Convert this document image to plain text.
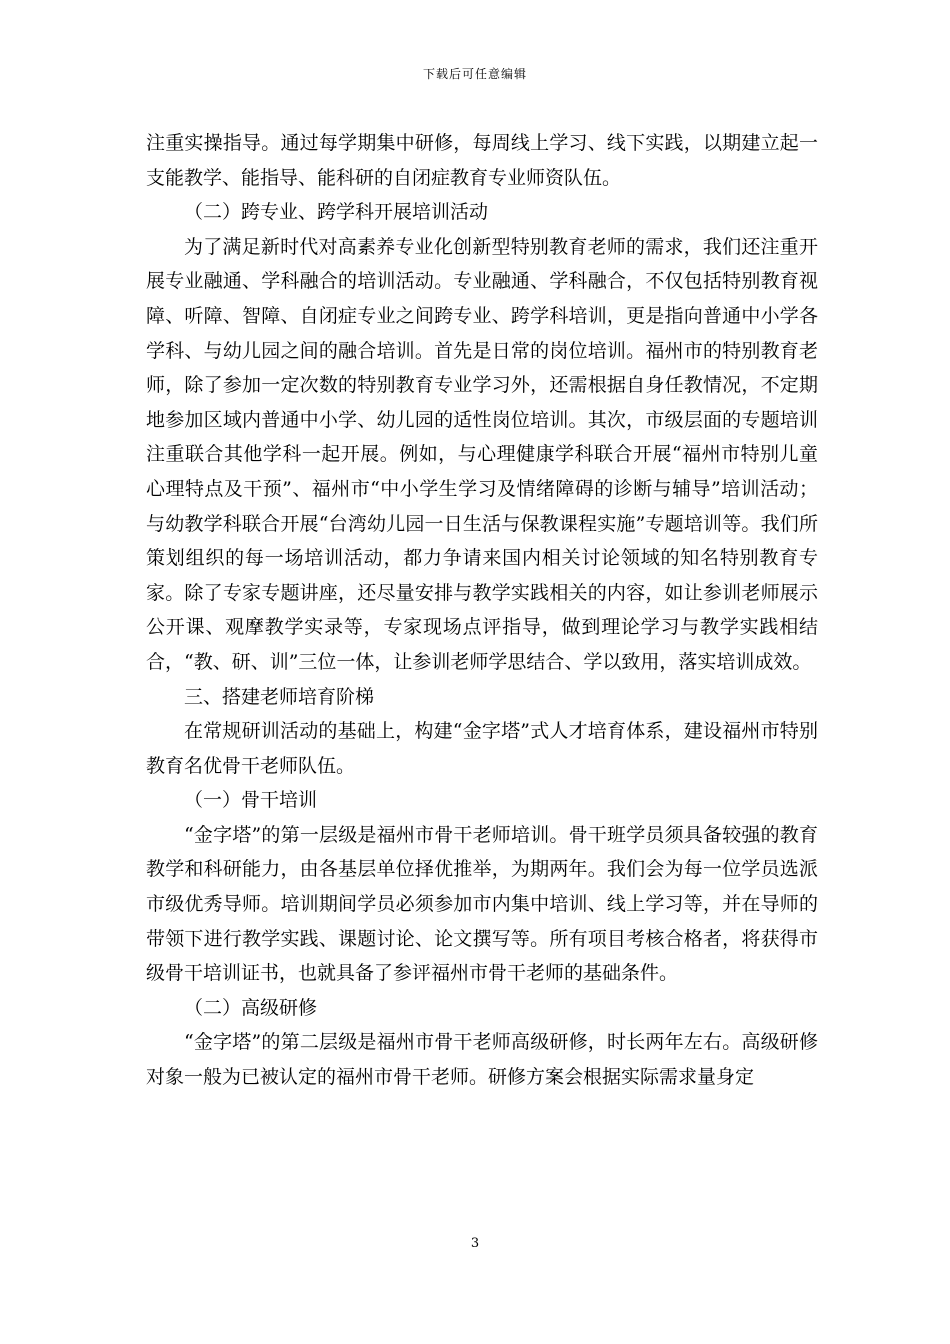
下载后可任意编辑

注重实操指导。通过每学期集中研修，每周线上学习、线下实践，以期建立起一支能教学、能指导、能科研的自闭症教育专业师资队伍。

（二）跨专业、跨学科开展培训活动

为了满足新时代对高素养专业化创新型特别教育老师的需求，我们还注重开展专业融通、学科融合的培训活动。专业融通、学科融合，不仅包括特别教育视障、听障、智障、自闭症专业之间跨专业、跨学科培训，更是指向普通中小学各学科、与幼儿园之间的融合培训。首先是日常的岗位培训。福州市的特别教育老师，除了参加一定次数的特别教育专业学习外，还需根据自身任教情况，不定期地参加区域内普通中小学、幼儿园的适性岗位培训。其次，市级层面的专题培训注重联合其他学科一起开展。例如，与心理健康学科联合开展“福州市特别儿童心理特点及干预”、福州市“中小学生学习及情绪障碍的诊断与辅导”培训活动；与幼教学科联合开展“台湾幼儿园一日生活与保教课程实施”专题培训等。我们所策划组织的每一场培训活动，都力争请来国内相关讨论领域的知名特别教育专家。除了专家专题讲座，还尽量安排与教学实践相关的内容，如让参训老师展示公开课、观摩教学实录等，专家现场点评指导，做到理论学习与教学实践相结合，“教、研、训”三位一体，让参训老师学思结合、学以致用，落实培训成效。

三、搭建老师培育阶梯

在常规研训活动的基础上，构建“金字塔”式人才培育体系，建设福州市特别教育名优骨干老师队伍。

（一）骨干培训

“金字塔”的第一层级是福州市骨干老师培训。骨干班学员须具备较强的教育教学和科研能力，由各基层单位择优推举，为期两年。我们会为每一位学员选派市级优秀导师。培训期间学员必须参加市内集中培训、线上学习等，并在导师的带领下进行教学实践、课题讨论、论文撰写等。所有项目考核合格者，将获得市级骨干培训证书，也就具备了参评福州市骨干老师的基础条件。

（二）高级研修

“金字塔”的第二层级是福州市骨干老师高级研修，时长两年左右。高级研修对象一般为已被认定的福州市骨干老师。研修方案会根据实际需求量身定

3
